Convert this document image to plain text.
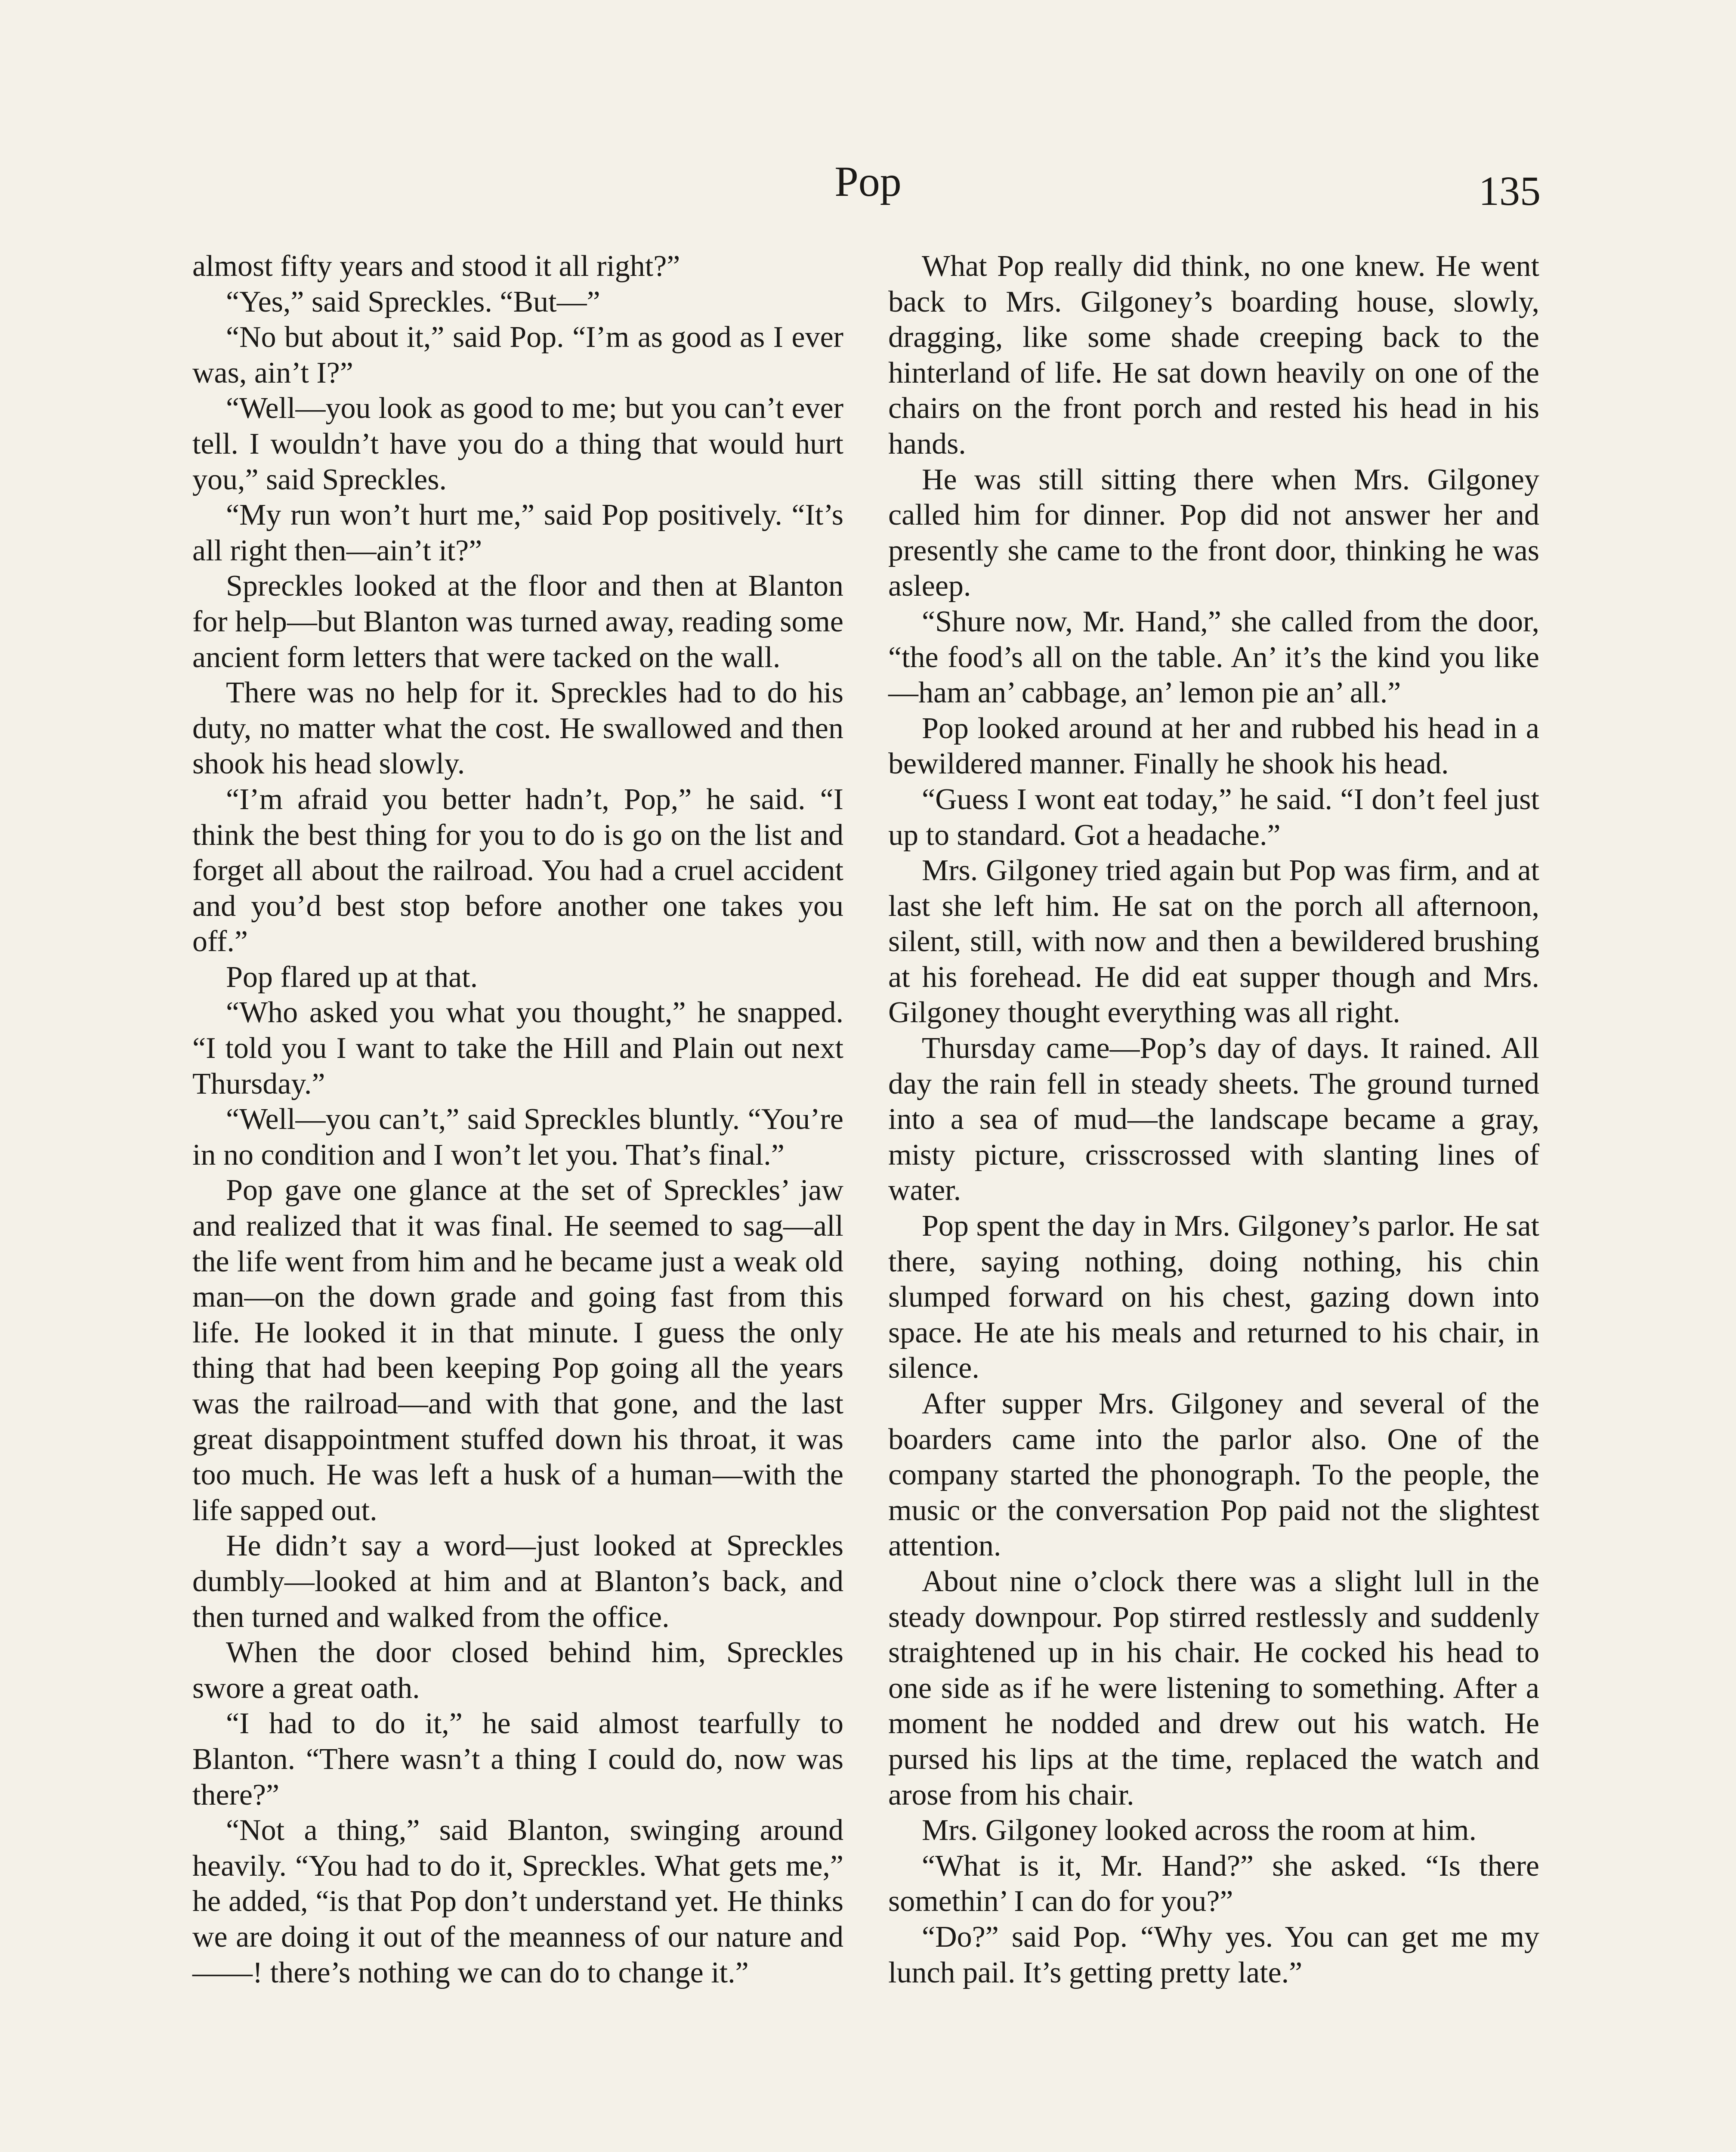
Pop	135

almost fifty years and stood it all right?”

“Yes,” said Spreckles. “But—”

“No but about it,” said Pop. “I’m as good as I ever was, ain’t I?”

“Well—you look as good to me; but you can’t ever tell. I wouldn’t have you do a thing that would hurt you,” said Spreckles.

“My run won’t hurt me,” said Pop positively. “It’s all right then—ain’t it?”

Spreckles looked at the floor and then at Blanton for help—but Blanton was turned away, reading some ancient form letters that were tacked on the wall.

There was no help for it. Spreckles had to do his duty, no matter what the cost. He swallowed and then shook his head slowly.

“I’m afraid you better hadn’t, Pop,” he said. “I think the best thing for you to do is go on the list and forget all about the railroad. You had a cruel accident and you’d best stop before another one takes you off.”

Pop flared up at that.

“Who asked you what you thought,” he snapped. “I told you I want to take the Hill and Plain out next Thursday.”

“Well—you can’t,” said Spreckles bluntly. “You’re in no condition and I won’t let you. That’s final.”

Pop gave one glance at the set of Spreckles’ jaw and realized that it was final. He seemed to sag—all the life went from him and he became just a weak old man—on the down grade and going fast from this life. He looked it in that minute. I guess the only thing that had been keeping Pop going all the years was the railroad—and with that gone, and the last great disappointment stuffed down his throat, it was too much. He was left a husk of a human—with the life sapped out.

He didn’t say a word—just looked at Spreckles dumbly—looked at him and at Blanton’s back, and then turned and walked from the office.

When the door closed behind him, Spreckles swore a great oath.

“I had to do it,” he said almost tearfully to Blanton. “There wasn’t a thing I could do, now was there?”

“Not a thing,” said Blanton, swinging around heavily. “You had to do it, Spreckles. What gets me,” he added, “is that Pop don’t understand yet. He thinks we are doing it out of the meanness of our nature and ——! there’s nothing we can do to change it.”

What Pop really did think, no one knew. He went back to Mrs. Gilgoney’s boarding house, slowly, dragging, like some shade creeping back to the hinterland of life. He sat down heavily on one of the chairs on the front porch and rested his head in his hands.

He was still sitting there when Mrs. Gilgoney called him for dinner. Pop did not answer her and presently she came to the front door, thinking he was asleep.

“Shure now, Mr. Hand,” she called from the door, “the food’s all on the table. An’ it’s the kind you like—ham an’ cabbage, an’ lemon pie an’ all.”

Pop looked around at her and rubbed his head in a bewildered manner. Finally he shook his head.

“Guess I wont eat today,” he said. “I don’t feel just up to standard. Got a headache.”

Mrs. Gilgoney tried again but Pop was firm, and at last she left him. He sat on the porch all afternoon, silent, still, with now and then a bewildered brushing at his forehead. He did eat supper though and Mrs. Gilgoney thought everything was all right.

Thursday came—Pop’s day of days. It rained. All day the rain fell in steady sheets. The ground turned into a sea of mud—the landscape became a gray, misty picture, crisscrossed with slanting lines of water.

Pop spent the day in Mrs. Gilgoney’s parlor. He sat there, saying nothing, doing nothing, his chin slumped forward on his chest, gazing down into space. He ate his meals and returned to his chair, in silence.

After supper Mrs. Gilgoney and several of the boarders came into the parlor also. One of the company started the phonograph. To the people, the music or the conversation Pop paid not the slightest attention.

About nine o’clock there was a slight lull in the steady downpour. Pop stirred restlessly and suddenly straightened up in his chair. He cocked his head to one side as if he were listening to something. After a moment he nodded and drew out his watch. He pursed his lips at the time, replaced the watch and arose from his chair.

Mrs. Gilgoney looked across the room at him.

“What is it, Mr. Hand?” she asked. “Is there somethin’ I can do for you?”

“Do?” said Pop. “Why yes. You can get me my lunch pail. It’s getting pretty late.”
